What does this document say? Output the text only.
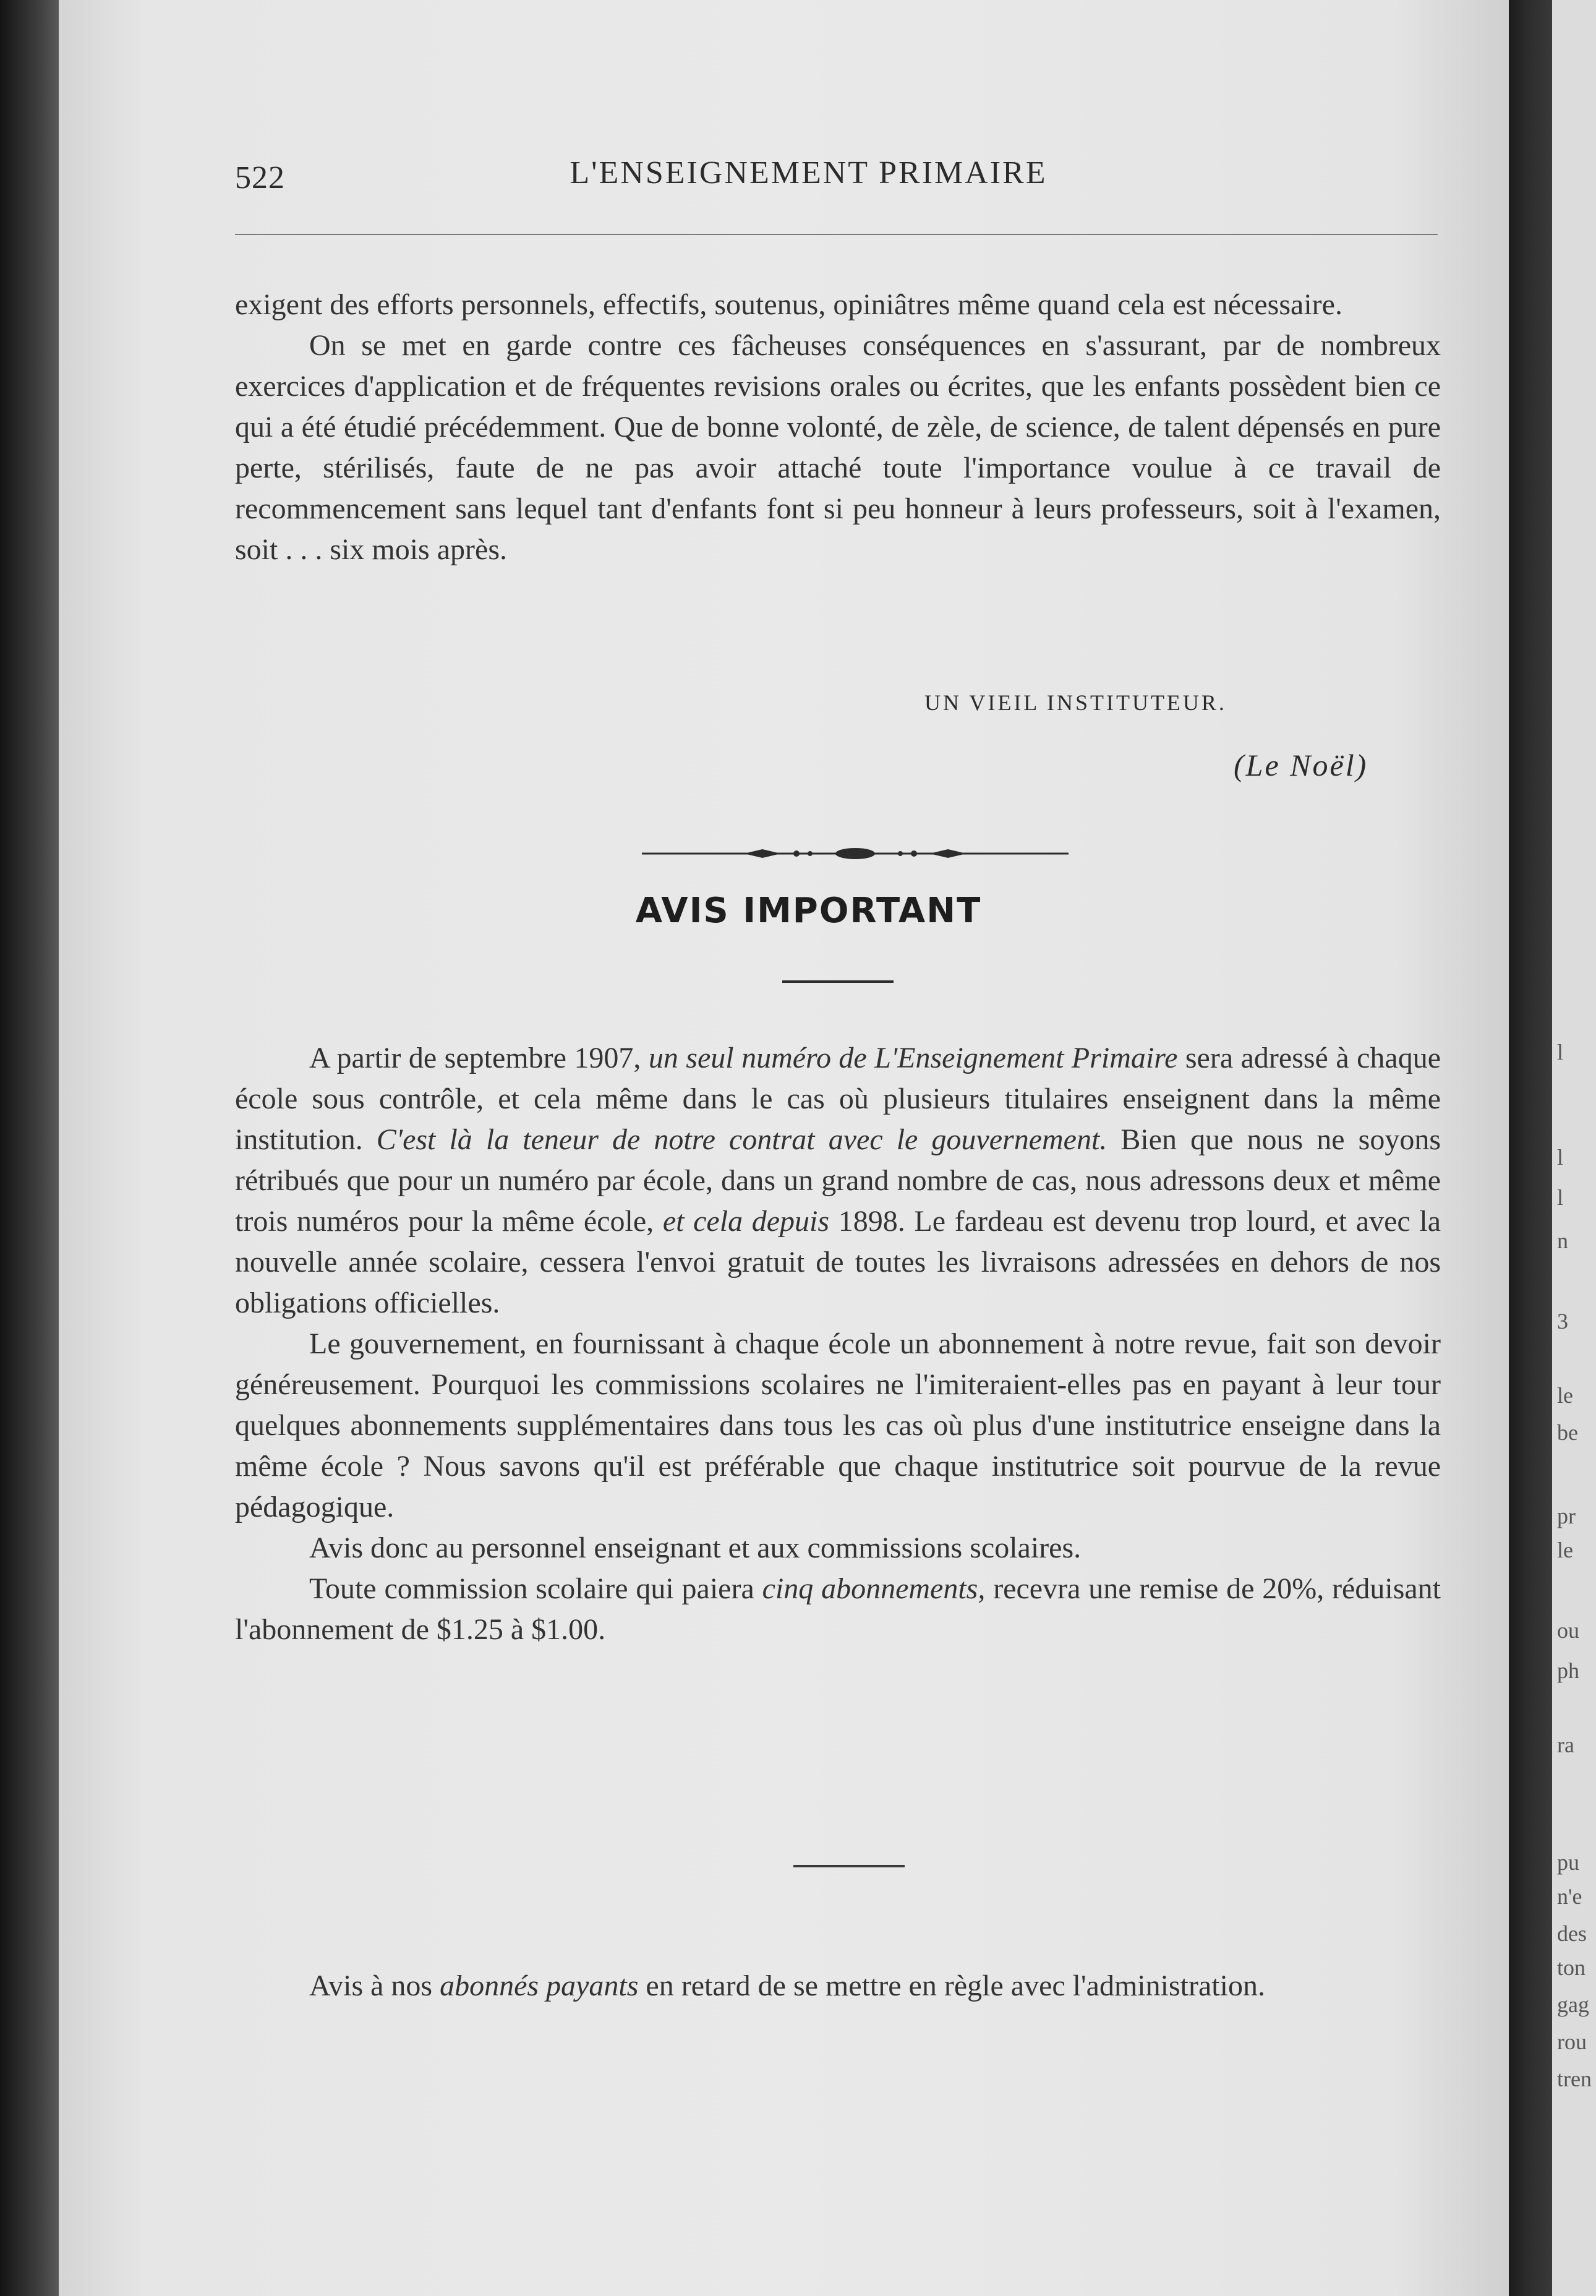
522	L'ENSEIGNEMENT PRIMAIRE

exigent des efforts personnels, effectifs, soutenus, opiniâtres même quand cela est nécessaire.

On se met en garde contre ces fâcheuses conséquences en s'assurant, par de nombreux exercices d'application et de fréquentes revisions orales ou écrites, que les enfants possèdent bien ce qui a été étudié précédemment. Que de bonne volonté, de zèle, de science, de talent dépensés en pure perte, stérilisés, faute de ne pas avoir attaché toute l'importance voulue à ce travail de recommencement sans lequel tant d'enfants font si peu honneur à leurs professeurs, soit à l'examen, soit . . . six mois après.

UN VIEIL INSTITUTEUR.
(Le Noël)
AVIS IMPORTANT

A partir de septembre 1907, un seul numéro de L'Enseignement Primaire sera adressé à chaque école sous contrôle, et cela même dans le cas où plusieurs titulaires enseignent dans la même institution. C'est là la teneur de notre contrat avec le gouvernement. Bien que nous ne soyons rétribués que pour un numéro par école, dans un grand nombre de cas, nous adressons deux et même trois numéros pour la même école, et cela depuis 1898. Le fardeau est devenu trop lourd, et avec la nouvelle année scolaire, cessera l'envoi gratuit de toutes les livraisons adressées en dehors de nos obligations officielles.

Le gouvernement, en fournissant à chaque école un abonnement à notre revue, fait son devoir généreusement. Pourquoi les commissions scolaires ne l'imiteraient-elles pas en payant à leur tour quelques abonnements supplémentaires dans tous les cas où plus d'une institutrice enseigne dans la même école ? Nous savons qu'il est préférable que chaque institutrice soit pourvue de la revue pédagogique.

Avis donc au personnel enseignant et aux commissions scolaires.

Toute commission scolaire qui paiera cinq abonnements, recevra une remise de 20%, réduisant l'abonnement de $1.25 à $1.00.

Avis à nos abonnés payants en retard de se mettre en règle avec l'administration.

l
l
l
n
3
le
be
pr
le
ou
ph
ra
pu
n'e
des
ton
gag
rou
tren
